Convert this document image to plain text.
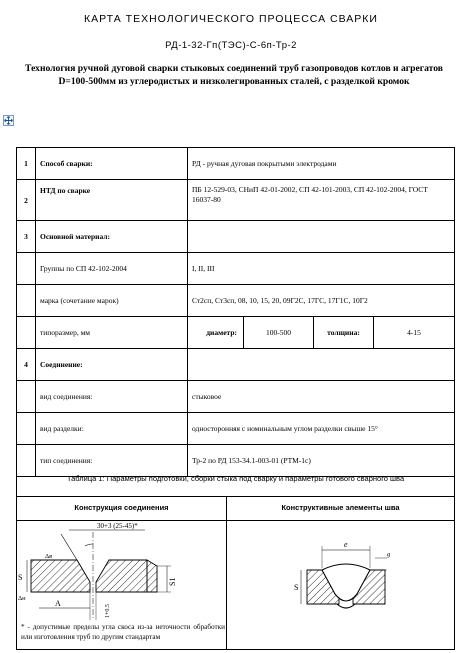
КАРТА ТЕХНОЛОГИЧЕСКОГО ПРОЦЕССА СВАРКИ
РД-1-32-Гп(ТЭС)-С-6п-Тр-2
Технология ручной дуговой сварки стыковых соединений труб газопроводов котлов и агрегатов D=100-500мм из углеродистых и низколегированных сталей, с разделкой кромок
1	Способ сварки:	РД - ручная дуговая покрытыми электродами
2	НТД по сварке	ПБ 12-529-03, СНиП 42-01-2002, СП 42-101-2003, СП 42-102-2004, ГОСТ 16037-80
3	Основной материал:	
	Группы по СП 42-102-2004	I, II, III
	марка (сочетание марок)	Ст2сп, Ст3сп, 08, 10, 15, 20, 09Г2С, 17ГС, 17Г1С, 10Г2
	типоразмер, мм	диаметр: 100-500 толщина: 4-15

4	Соединение:	
	вид соединения:	стыковое
	вид разделки:	односторонняя с номинальным углом разделки свыше 15°
	тип соединения:	Тр-2 по РД 153-34.1-003-01 (РТМ-1с)
Таблица 1: Параметры подготовки, сборки стыка под сварку и параметры готового сварного шва
Конструкция соединения
30+3 (25-45)*
S	S1
A
Δв
Δн
1+0.5
* - допустимые пределы угла скоса из-за неточности обработки или изготовления труб по другим стандартам
Конструктивные элементы шва
e
g
S
